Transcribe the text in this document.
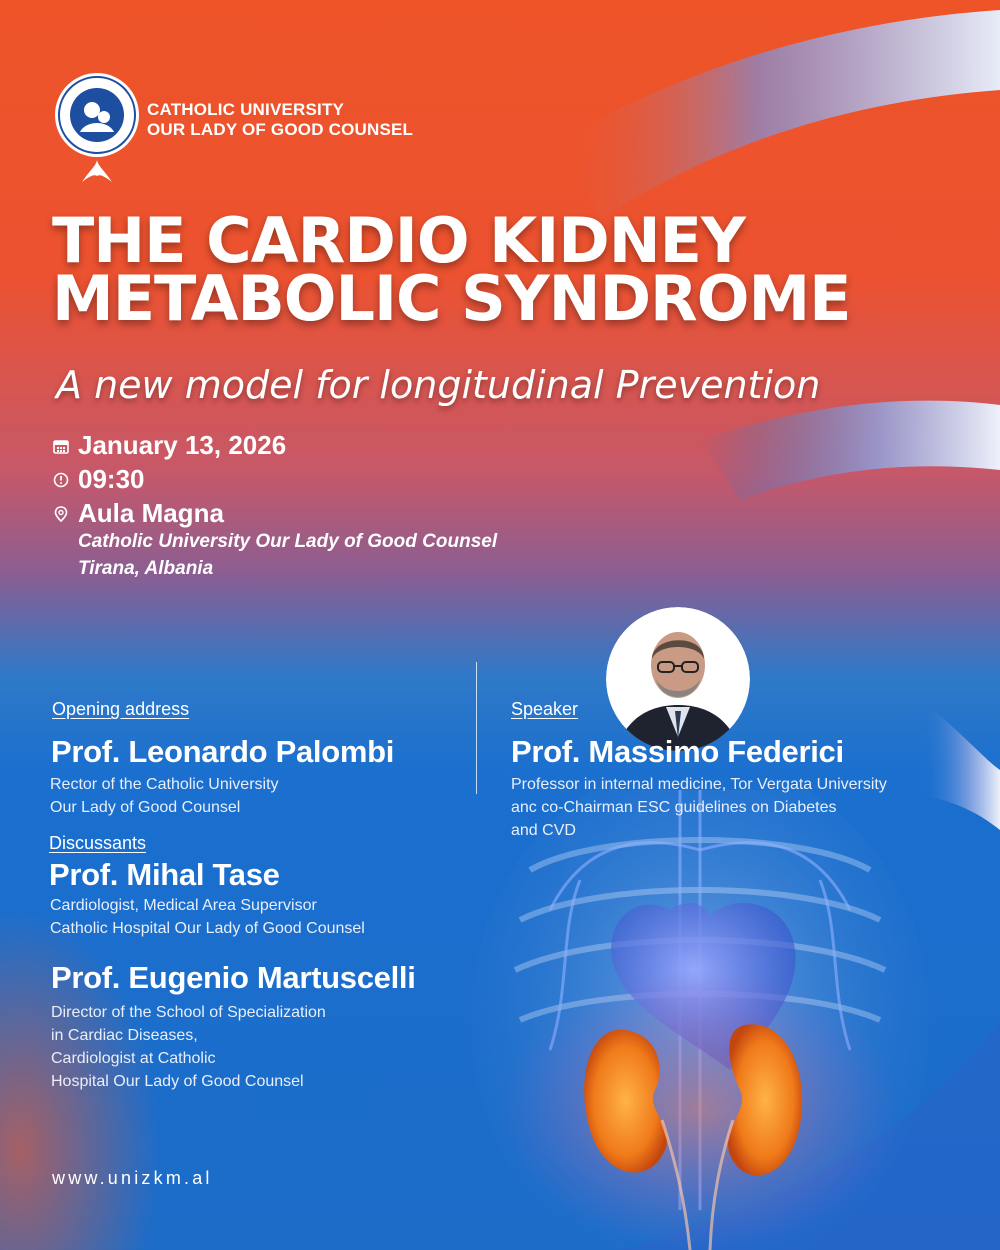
CATHOLIC UNIVERSITY
OUR LADY OF GOOD COUNSEL
THE CARDIO KIDNEY
METABOLIC SYNDROME
A new model for longitudinal Prevention
January 13, 2026
09:30
Aula Magna
Catholic University Our Lady of Good Counsel
Tirana, Albania
Opening address
Prof. Leonardo Palombi
Rector of the Catholic University
Our Lady of Good Counsel
Speaker
Prof. Massimo Federici
Professor in internal medicine, Tor Vergata University
anc co-Chairman ESC guidelines on Diabetes
and CVD
Discussants
Prof. Mihal Tase
Cardiologist, Medical Area Supervisor
Catholic Hospital Our Lady of Good Counsel
Prof. Eugenio Martuscelli
Director of the School of Specialization
in Cardiac Diseases,
Cardiologist at Catholic
Hospital Our Lady of Good Counsel
www.unizkm.al
